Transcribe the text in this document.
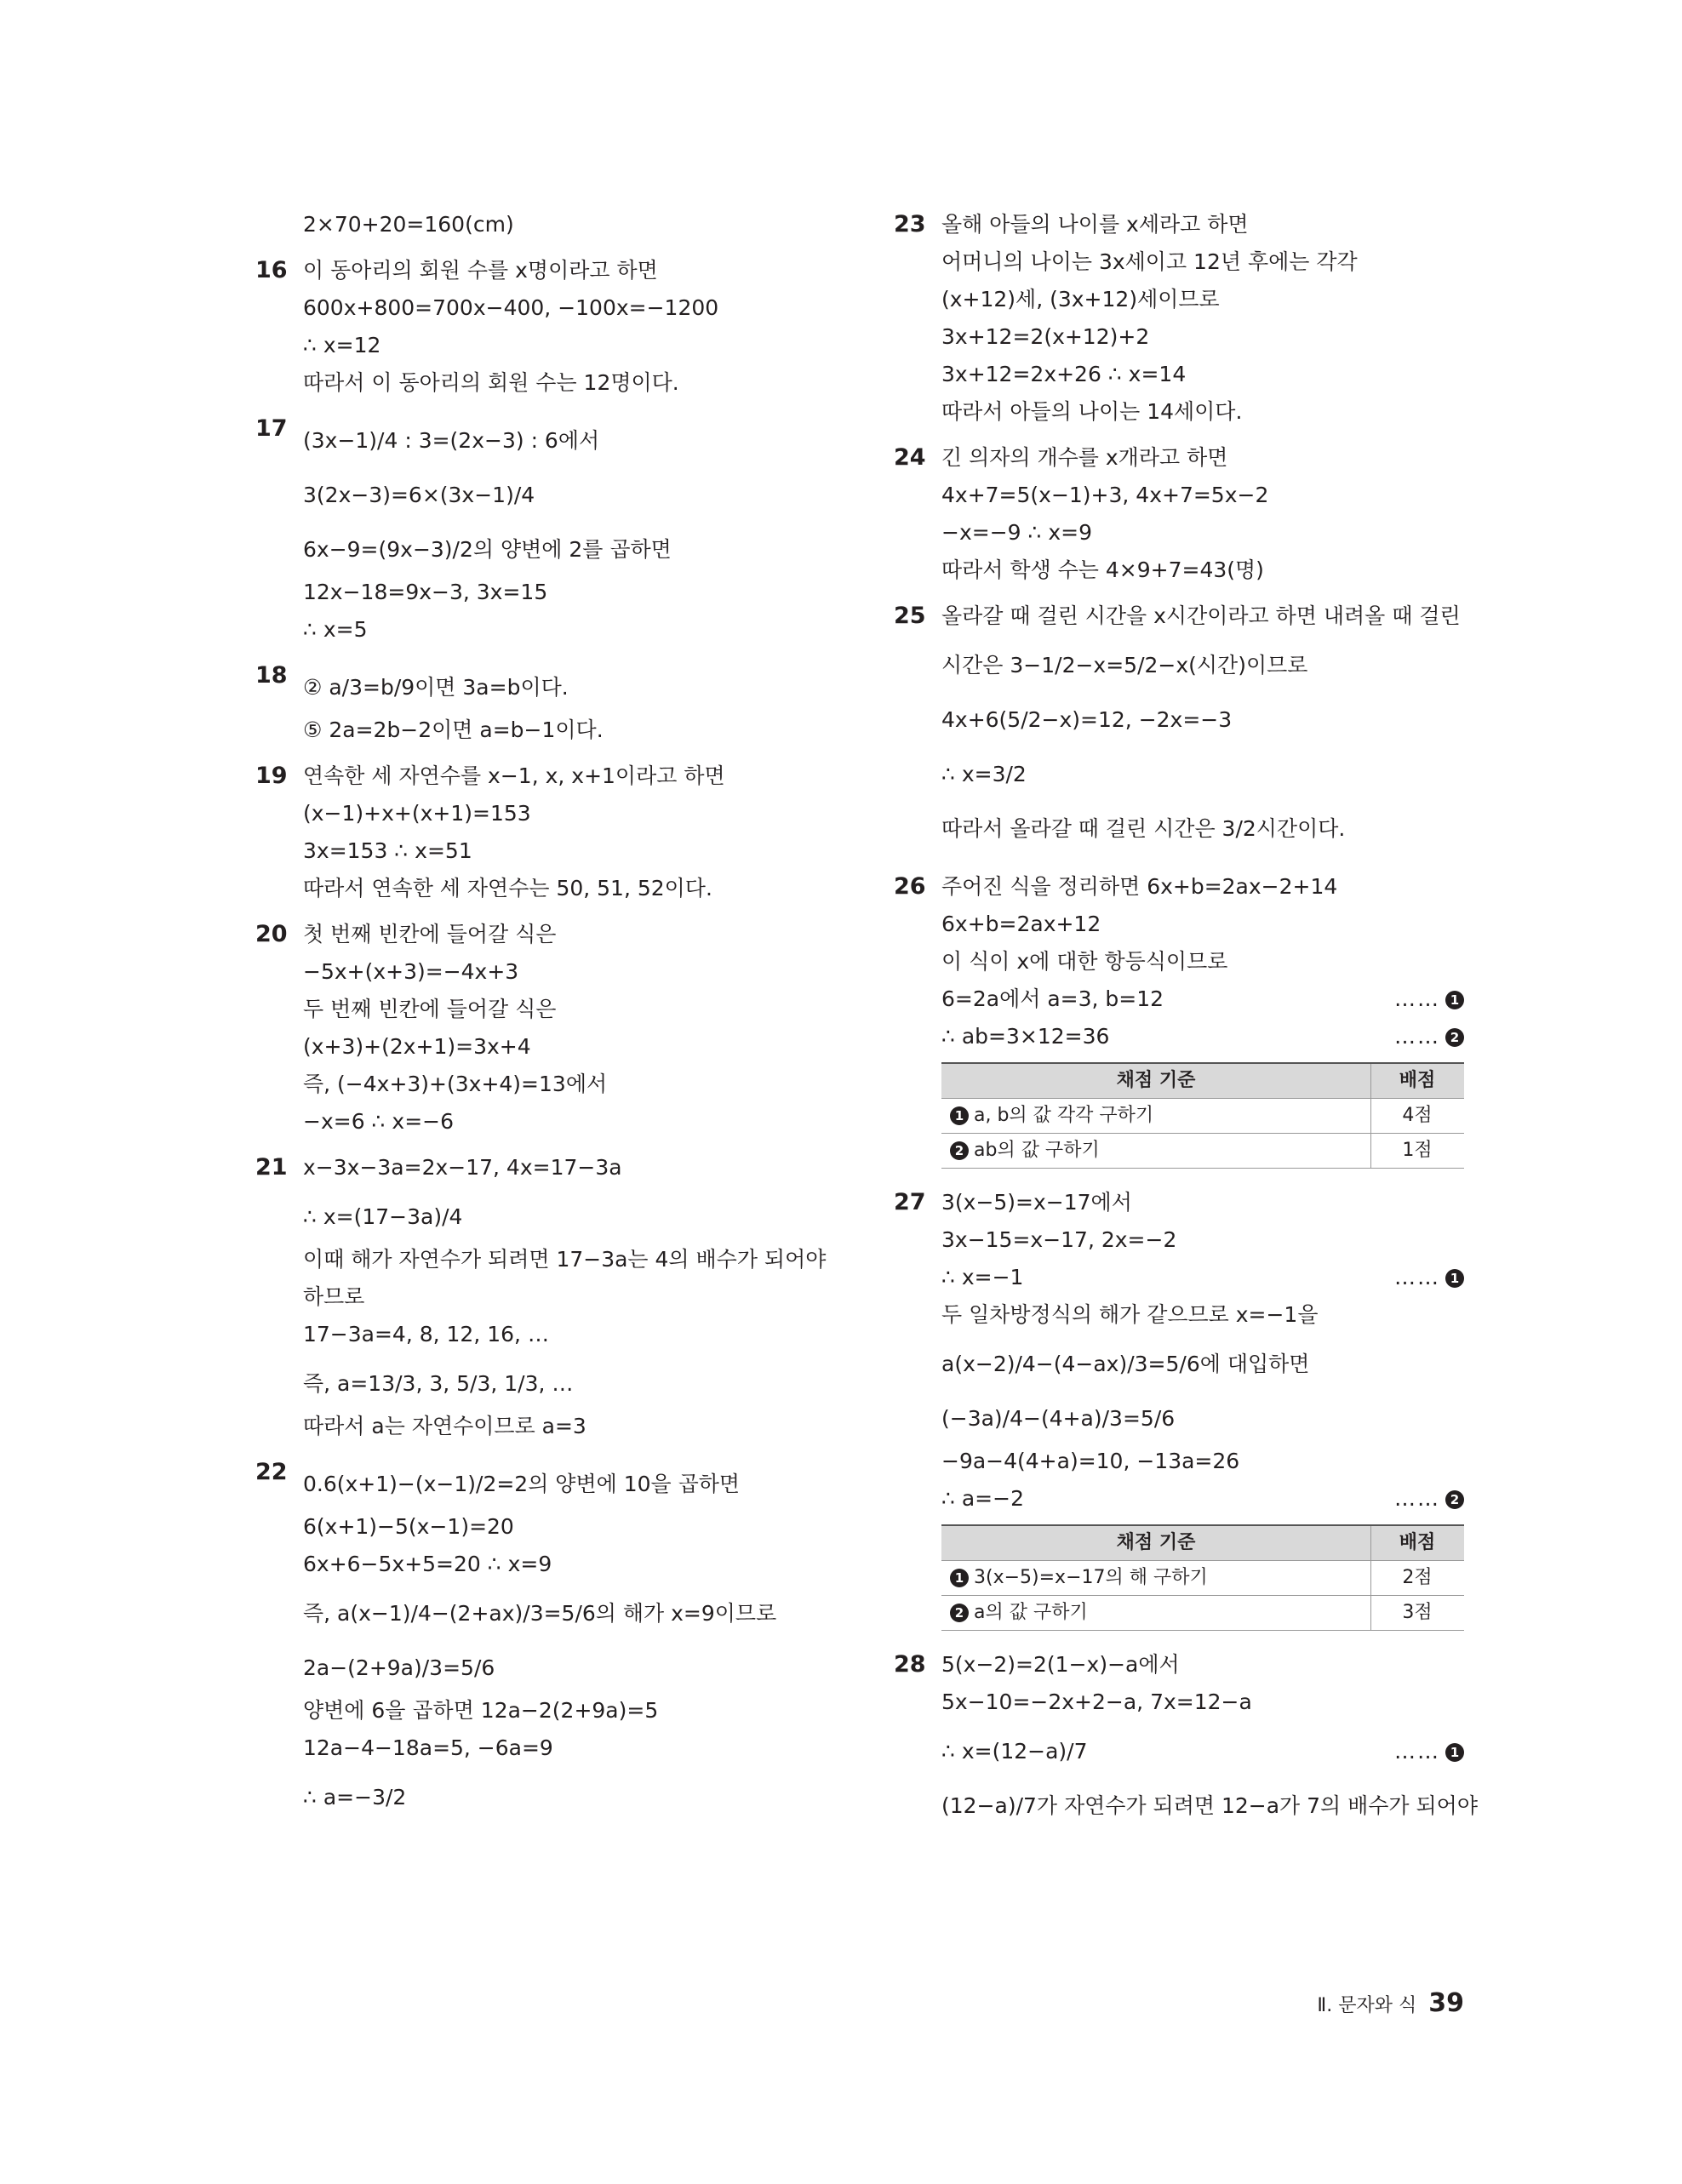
2×70+20=160(cm)
16 이 동아리의 회원 수를 x명이라고 하면
600x+800=700x−400, −100x=−1200
∴ x=12
따라서 이 동아리의 회원 수는 12명이다.
17 (3x−1)/4 : 3=(2x−3) : 6에서
3(2x−3)=6×(3x−1)/4
6x−9=(9x−3)/2의 양변에 2를 곱하면
12x−18=9x−3, 3x=15
∴ x=5
18 ② a/3=b/9이면 3a=b이다.
⑤ 2a=2b−2이면 a=b−1이다.
19 연속한 세 자연수를 x−1, x, x+1이라고 하면
(x−1)+x+(x+1)=153
3x=153 ∴ x=51
따라서 연속한 세 자연수는 50, 51, 52이다.
20 첫 번째 빈칸에 들어갈 식은
−5x+(x+3)=−4x+3
두 번째 빈칸에 들어갈 식은
(x+3)+(2x+1)=3x+4
즉, (−4x+3)+(3x+4)=13에서
−x=6 ∴ x=−6
21 x−3x−3a=2x−17, 4x=17−3a
∴ x=(17−3a)/4
이때 해가 자연수가 되려면 17−3a는 4의 배수가 되어야
하므로
17−3a=4, 8, 12, 16, …
즉, a=13/3, 3, 5/3, 1/3, …
따라서 a는 자연수이므로 a=3
22 0.6(x+1)−(x−1)/2=2의 양변에 10을 곱하면
6(x+1)−5(x−1)=20
6x+6−5x+5=20 ∴ x=9
즉, a(x−1)/4−(2+ax)/3=5/6의 해가 x=9이므로
2a−(2+9a)/3=5/6
양변에 6을 곱하면 12a−2(2+9a)=5
12a−4−18a=5, −6a=9
∴ a=−3/2
23 올해 아들의 나이를 x세라고 하면
어머니의 나이는 3x세이고 12년 후에는 각각
(x+12)세, (3x+12)세이므로
3x+12=2(x+12)+2
3x+12=2x+26 ∴ x=14
따라서 아들의 나이는 14세이다.
24 긴 의자의 개수를 x개라고 하면
4x+7=5(x−1)+3, 4x+7=5x−2
−x=−9 ∴ x=9
따라서 학생 수는 4×9+7=43(명)
25 올라갈 때 걸린 시간을 x시간이라고 하면 내려올 때 걸린
시간은 3−1/2−x=5/2−x(시간)이므로
4x+6(5/2−x)=12, −2x=−3
∴ x=3/2
따라서 올라갈 때 걸린 시간은 3/2시간이다.
26 주어진 식을 정리하면 6x+b=2ax−2+14
6x+b=2ax+12
이 식이 x에 대한 항등식이므로
6=2a에서 a=3, b=12	…… 1
∴ ab=3×12=36	…… 2
채점 기준	배점
1 a, b의 값 각각 구하기	4점
2 ab의 값 구하기	1점
27 3(x−5)=x−17에서
3x−15=x−17, 2x=−2
∴ x=−1	…… 1
두 일차방정식의 해가 같으므로 x=−1을
a(x−2)/4−(4−ax)/3=5/6에 대입하면
(−3a)/4−(4+a)/3=5/6
−9a−4(4+a)=10, −13a=26
∴ a=−2	…… 2
채점 기준	배점
1 3(x−5)=x−17의 해 구하기	2점
2 a의 값 구하기	3점
28 5(x−2)=2(1−x)−a에서
5x−10=−2x+2−a, 7x=12−a
∴ x=(12−a)/7	…… 1
(12−a)/7가 자연수가 되려면 12−a가 7의 배수가 되어야
Ⅱ. 문자와 식 39
